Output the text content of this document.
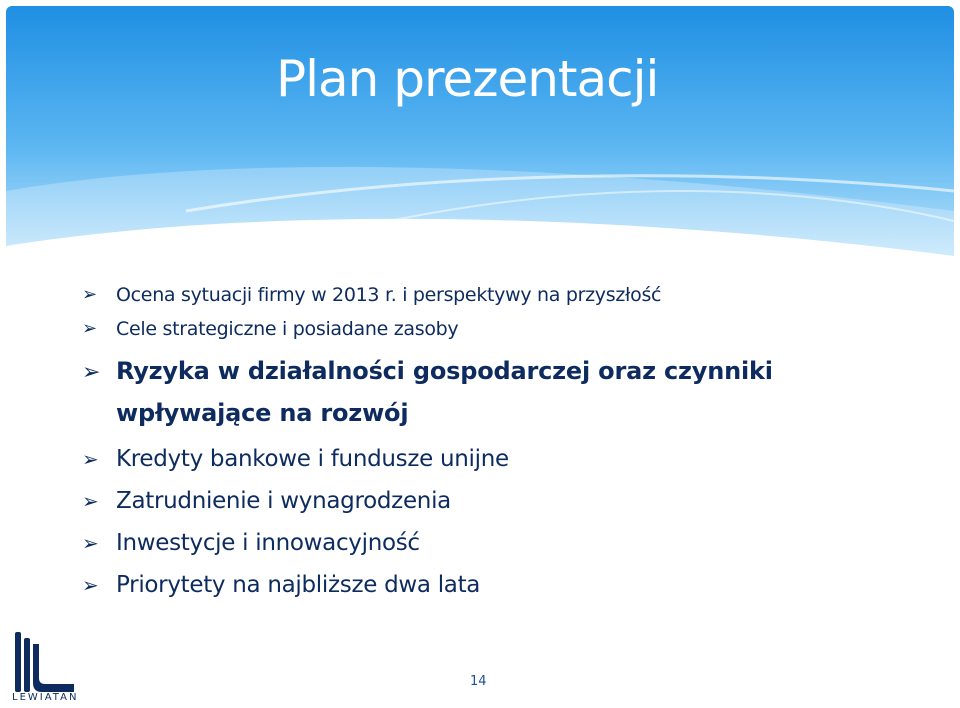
Plan prezentacji
➢ Ocena sytuacji firmy w 2013 r. i perspektywy na przyszłość
➢ Cele strategiczne i posiadane zasoby
➢ Ryzyka w działalności gospodarczej oraz czynniki wpływające na rozwój
➢ Kredyty bankowe i fundusze unijne
➢ Zatrudnienie i wynagrodzenia
➢ Inwestycje i innowacyjność
➢ Priorytety na najbliższe dwa lata
LEWIATAN
14
